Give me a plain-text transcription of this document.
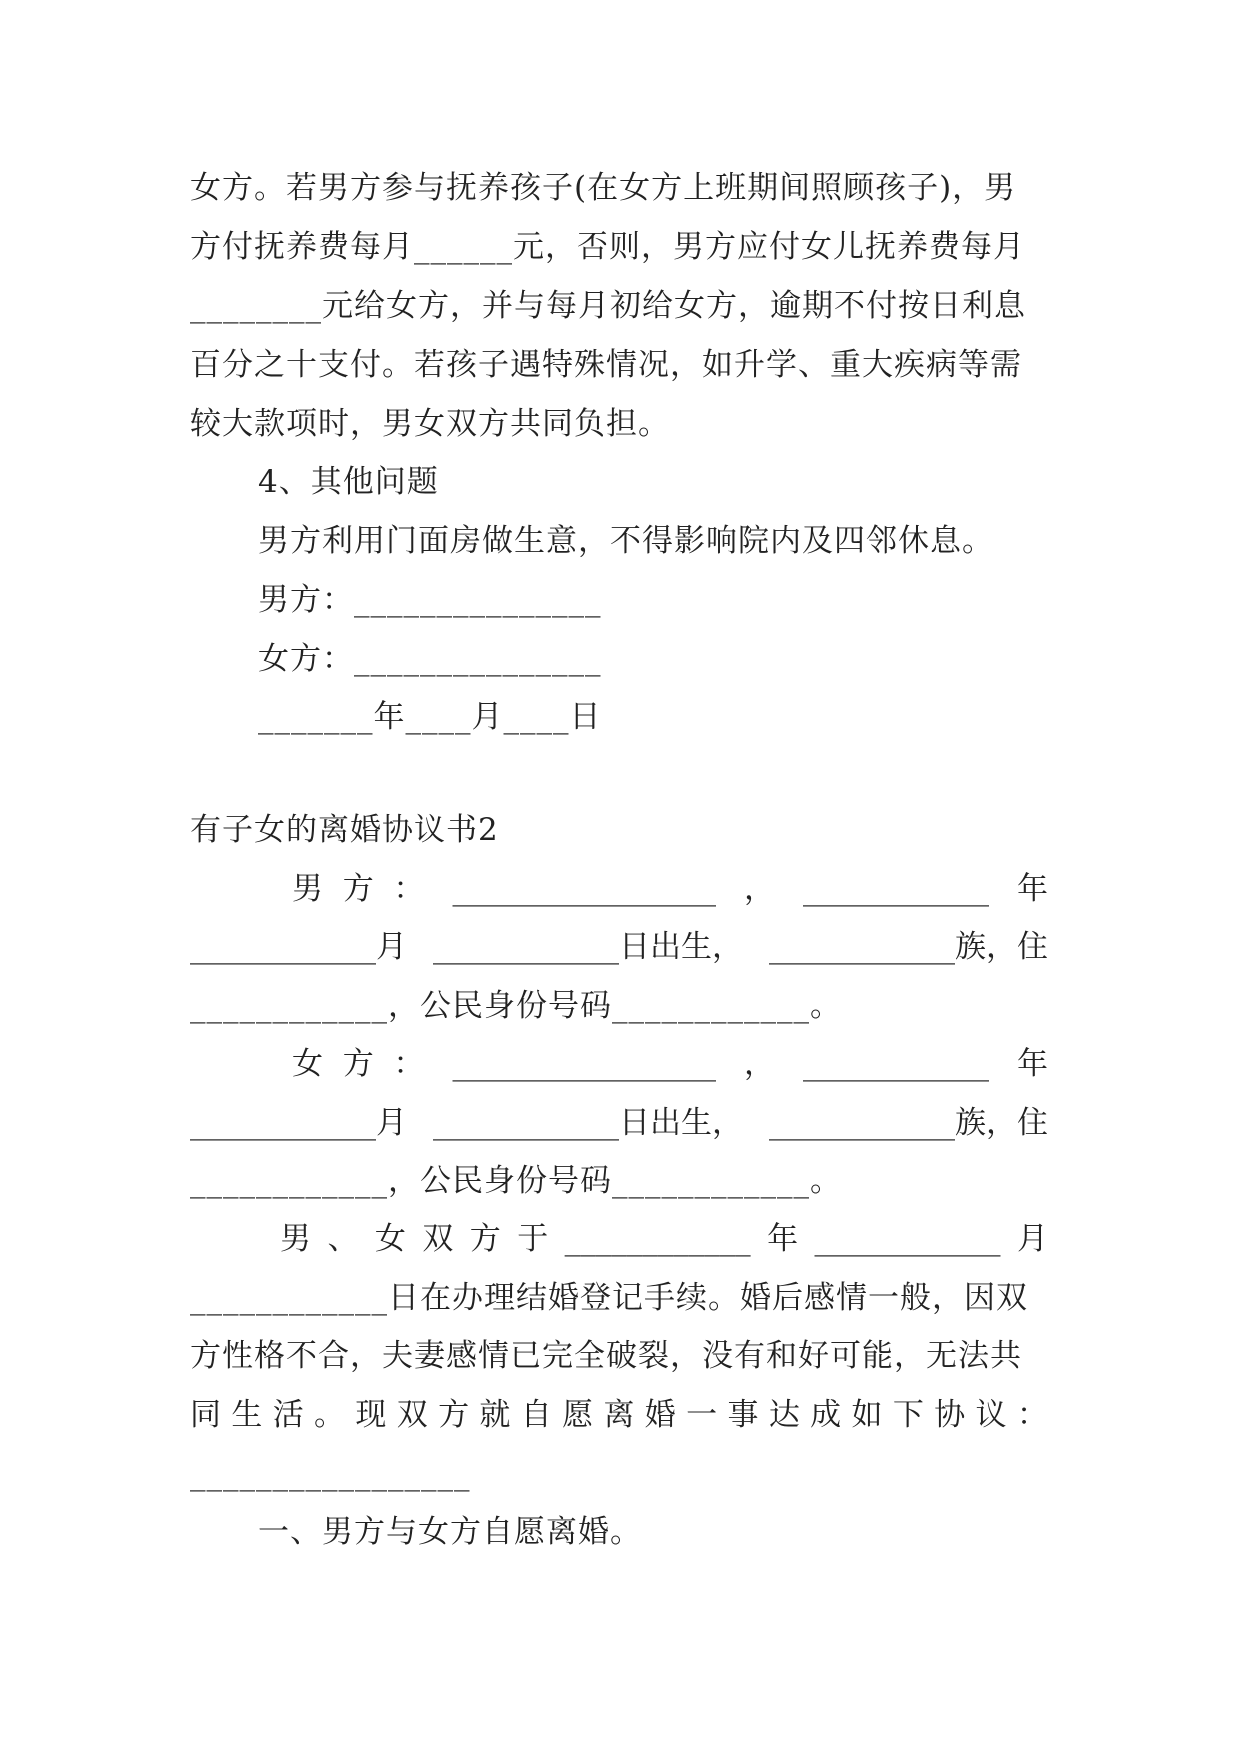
女方。若男方参与抚养孩子(在女方上班期间照顾孩子)，男
方付抚养费每月______元，否则，男方应付女儿抚养费每月
________元给女方，并与每月初给女方，逾期不付按日利息
百分之十支付。若孩子遇特殊情况，如升学、重大疾病等需
较大款项时，男女双方共同负担。
4、其他问题
男方利用门面房做生意，不得影响院内及四邻休息。
男方：_______________
女方：_______________
_______年____月____日
有子女的离婚协议书2
男  方  ： _________________ ， ____________ 年
____________月 ____________日出生， ____________族，住
____________，公民身份号码____________。
女  方  ： _________________ ， ____________ 年
____________月 ____________日出生， ____________族，住
____________，公民身份号码____________。
男 、 女 双 方 于 ____________ 年 ____________ 月
____________日在办理结婚登记手续。婚后感情一般，因双
方性格不合，夫妻感情已完全破裂，没有和好可能，无法共
同 生 活 。 现 双 方 就 自 愿 离 婚 一 事 达 成 如 下 协 议 ：
_________________
一、男方与女方自愿离婚。
